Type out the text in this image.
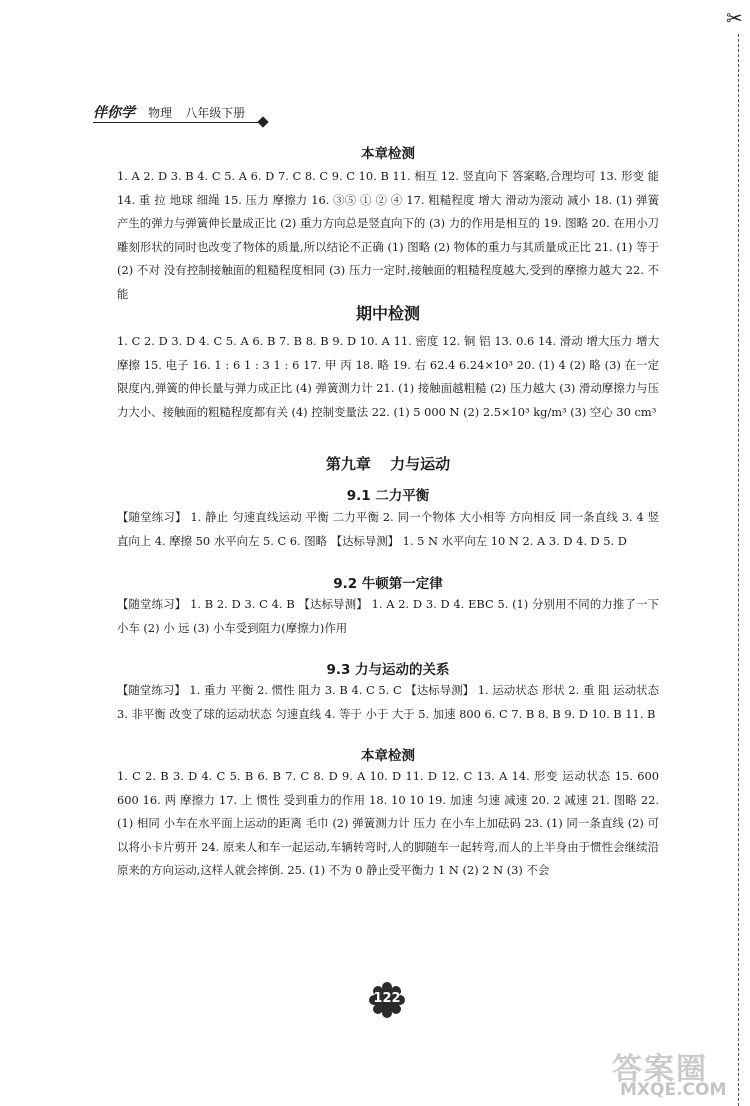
✂
伴你学 物理 八年级下册
本章检测

1. A 2. D 3. B 4. C 5. A 6. D 7. C 8. C 9. C 10. B 11. 相互 12. 竖直向下 答案略,合理均可 13. 形变 能 14. 重 拉 地球 细绳 15. 压力 摩擦力 16. ③⑤ ① ② ④ 17. 粗糙程度 增大 滑动为滚动 减小 18. (1) 弹簧产生的弹力与弹簧伸长量成正比 (2) 重力方向总是竖直向下的 (3) 力的作用是相互的 19. 图略 20. 在用小刀雕刻形状的同时也改变了物体的质量,所以结论不正确 (1) 图略 (2) 物体的重力与其质量成正比 21. (1) 等于 (2) 不对 没有控制接触面的粗糙程度相同 (3) 压力一定时,接触面的粗糙程度越大,受到的摩擦力越大 22. 不能

期中检测

1. C 2. D 3. D 4. C 5. A 6. B 7. B 8. B 9. D 10. A 11. 密度 12. 铜 铝 13. 0.6 14. 滑动 增大压力 增大摩擦 15. 电子 16. 1 : 6 1 : 3 1 : 6 17. 甲 丙 18. 略 19. 右 62.4 6.24×10³ 20. (1) 4 (2) 略 (3) 在一定限度内,弹簧的伸长量与弹力成正比 (4) 弹簧测力计 21. (1) 接触面越粗糙 (2) 压力越大 (3) 滑动摩擦力与压力大小、接触面的粗糙程度都有关 (4) 控制变量法 22. (1) 5 000 N (2) 2.5×10³ kg/m³ (3) 空心 30 cm³

第九章 力与运动
9.1 二力平衡

【随堂练习】 1. 静止 匀速直线运动 平衡 二力平衡 2. 同一个物体 大小相等 方向相反 同一条直线 3. 4 竖直向上 4. 摩擦 50 水平向左 5. C 6. 图略 【达标导测】 1. 5 N 水平向左 10 N 2. A 3. D 4. D 5. D

9.2 牛顿第一定律

【随堂练习】 1. B 2. D 3. C 4. B 【达标导测】 1. A 2. D 3. D 4. EBC 5. (1) 分别用不同的力推了一下小车 (2) 小 远 (3) 小车受到阻力(摩擦力)作用

9.3 力与运动的关系

【随堂练习】 1. 重力 平衡 2. 惯性 阻力 3. B 4. C 5. C 【达标导测】 1. 运动状态 形状 2. 重 阻 运动状态 3. 非平衡 改变了球的运动状态 匀速直线 4. 等于 小于 大于 5. 加速 800 6. C 7. B 8. B 9. D 10. B 11. B

本章检测

1. C 2. B 3. D 4. C 5. B 6. B 7. C 8. D 9. A 10. D 11. D 12. C 13. A 14. 形变 运动状态 15. 600 600 16. 两 摩擦力 17. 上 惯性 受到重力的作用 18. 10 10 19. 加速 匀速 减速 20. 2 减速 21. 图略 22. (1) 相同 小车在水平面上运动的距离 毛巾 (2) 弹簧测力计 压力 在小车上加砝码 23. (1) 同一条直线 (2) 可以将小卡片剪开 24. 原来人和车一起运动,车辆转弯时,人的脚随车一起转弯,而人的上半身由于惯性会继续沿原来的方向运动,这样人就会摔倒. 25. (1) 不为 0 静止受平衡力 1 N (2) 2 N (3) 不会

122
答案圈
MXQE.COM
